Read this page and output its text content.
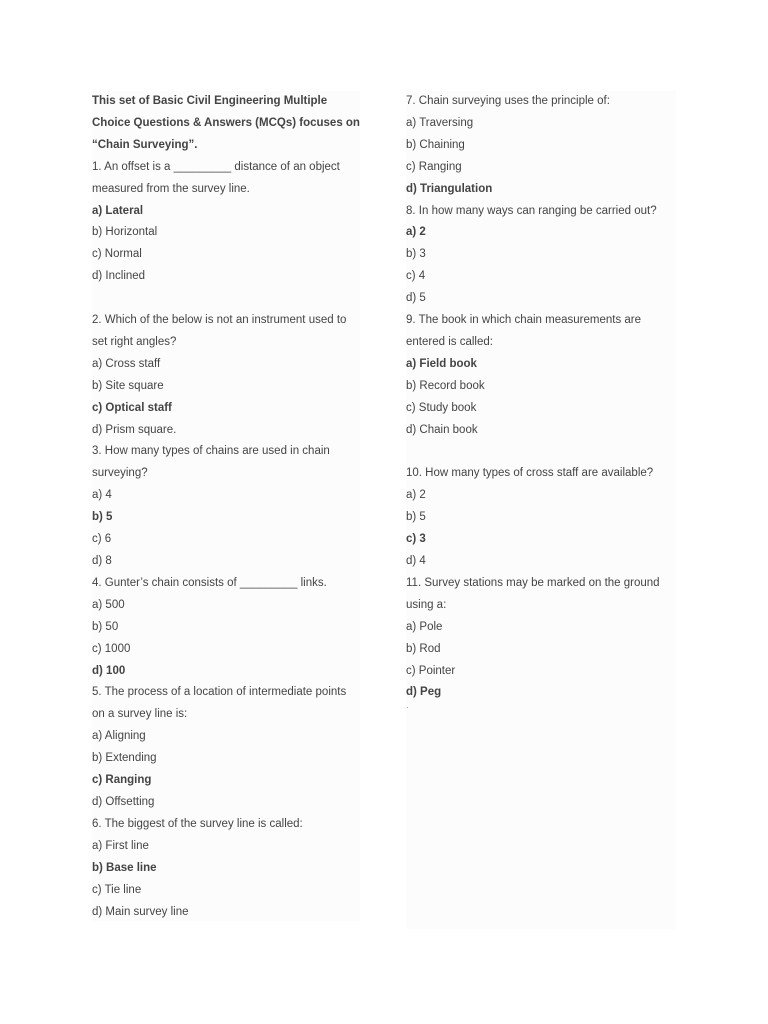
This set of Basic Civil Engineering Multiple Choice Questions & Answers (MCQs) focuses on “Chain Surveying”.
1. An offset is a _________ distance of an object measured from the survey line.
a) Lateral
b) Horizontal
c) Normal
d) Inclined
2. Which of the below is not an instrument used to set right angles?
a) Cross staff
b) Site square
c) Optical staff
d) Prism square.
3. How many types of chains are used in chain surveying?
a) 4
b) 5
c) 6
d) 8
4. Gunter’s chain consists of _________ links.
a) 500
b) 50
c) 1000
d) 100
5. The process of a location of intermediate points on a survey line is:
a) Aligning
b) Extending
c) Ranging
d) Offsetting
6. The biggest of the survey line is called:
a) First line
b) Base line
c) Tie line
d) Main survey line
7. Chain surveying uses the principle of:
a) Traversing
b) Chaining
c) Ranging
d) Triangulation
8. In how many ways can ranging be carried out?
a) 2
b) 3
c) 4
d) 5
9. The book in which chain measurements are entered is called:
a) Field book
b) Record book
c) Study book
d) Chain book
10. How many types of cross staff are available?
a) 2
b) 5
c) 3
d) 4
11. Survey stations may be marked on the ground using a:
a) Pole
b) Rod
c) Pointer
d) Peg
·
